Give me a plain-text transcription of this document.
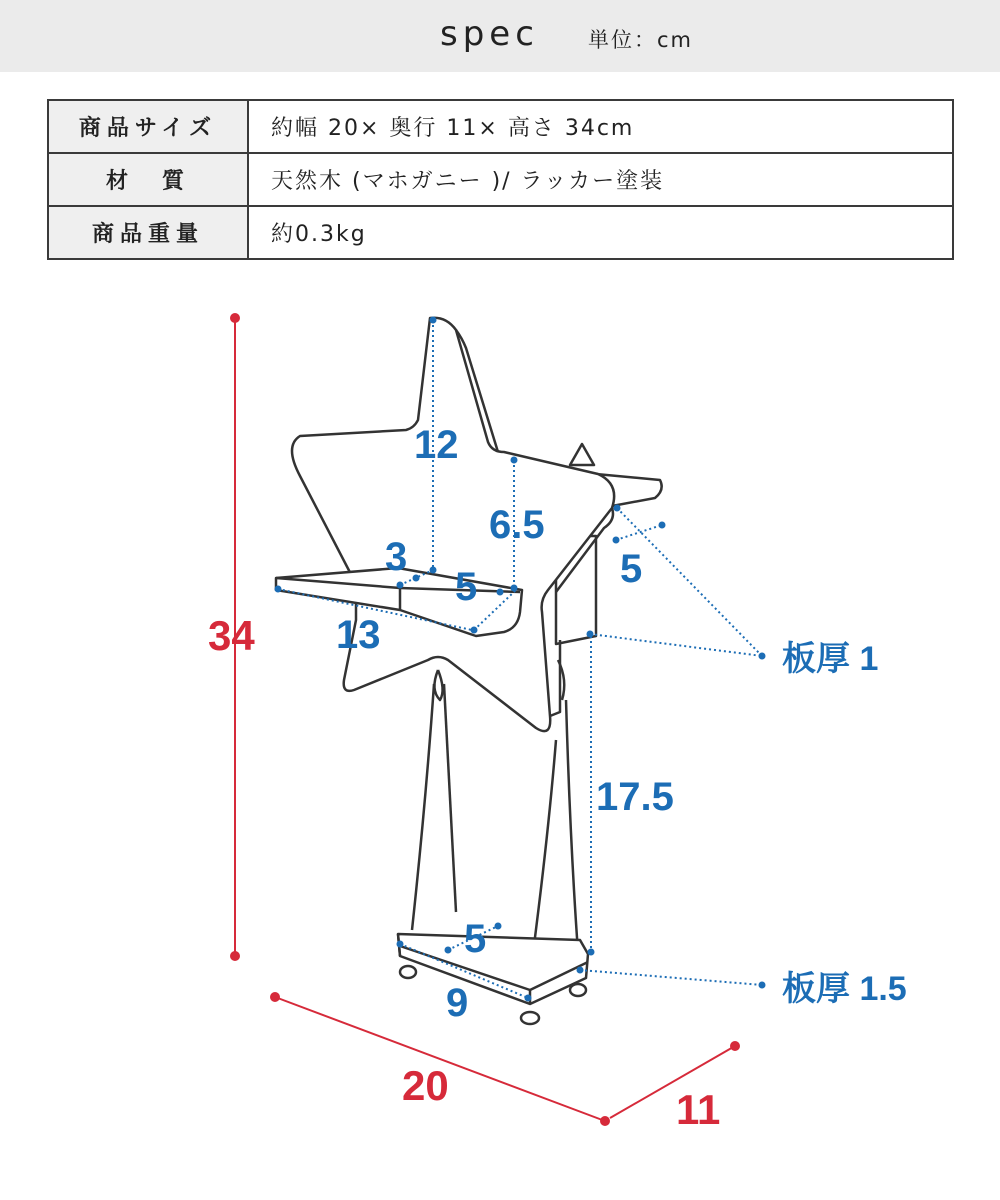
spec 単位：cm
商品サイズ	約幅 20× 奥行 11× 高さ 34cm
材　質	天然木 (マホガニー )/ ラッカー塗装
商品重量	約0.3kg
34
20
11
12
6.5
3
5	5
13
17.5
5
9
板厚 1
板厚 1.5
